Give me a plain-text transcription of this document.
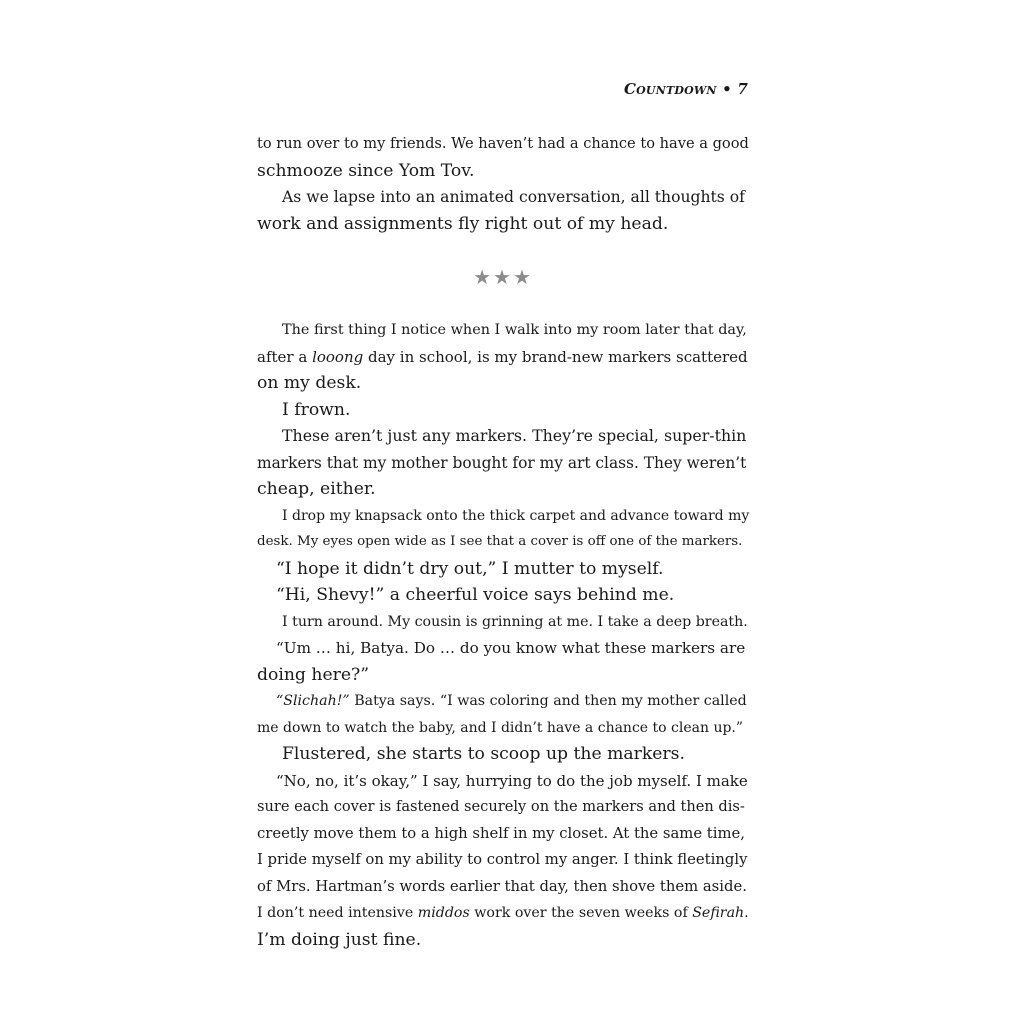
Countdown • 7
to run over to my friends. We haven’t had a chance to have a good
schmooze since Yom Tov.
As we lapse into an animated conversation, all thoughts of
work and assignments fly right out of my head.
★★★
The first thing I notice when I walk into my room later that day,
after a looong day in school, is my brand-new markers scattered
on my desk.
I frown.
These aren’t just any markers. They’re special, super-thin
markers that my mother bought for my art class. They weren’t
cheap, either.
I drop my knapsack onto the thick carpet and advance toward my
desk. My eyes open wide as I see that a cover is off one of the markers.
“I hope it didn’t dry out,” I mutter to myself.
“Hi, Shevy!” a cheerful voice says behind me.
I turn around. My cousin is grinning at me. I take a deep breath.
“Um … hi, Batya. Do … do you know what these markers are
doing here?”
“Slichah!” Batya says. “I was coloring and then my mother called
me down to watch the baby, and I didn’t have a chance to clean up.”
Flustered, she starts to scoop up the markers.
“No, no, it’s okay,” I say, hurrying to do the job myself. I make
sure each cover is fastened securely on the markers and then dis-
creetly move them to a high shelf in my closet. At the same time,
I pride myself on my ability to control my anger. I think fleetingly
of Mrs. Hartman’s words earlier that day, then shove them aside.
I don’t need intensive middos work over the seven weeks of Sefirah.
I’m doing just fine.
